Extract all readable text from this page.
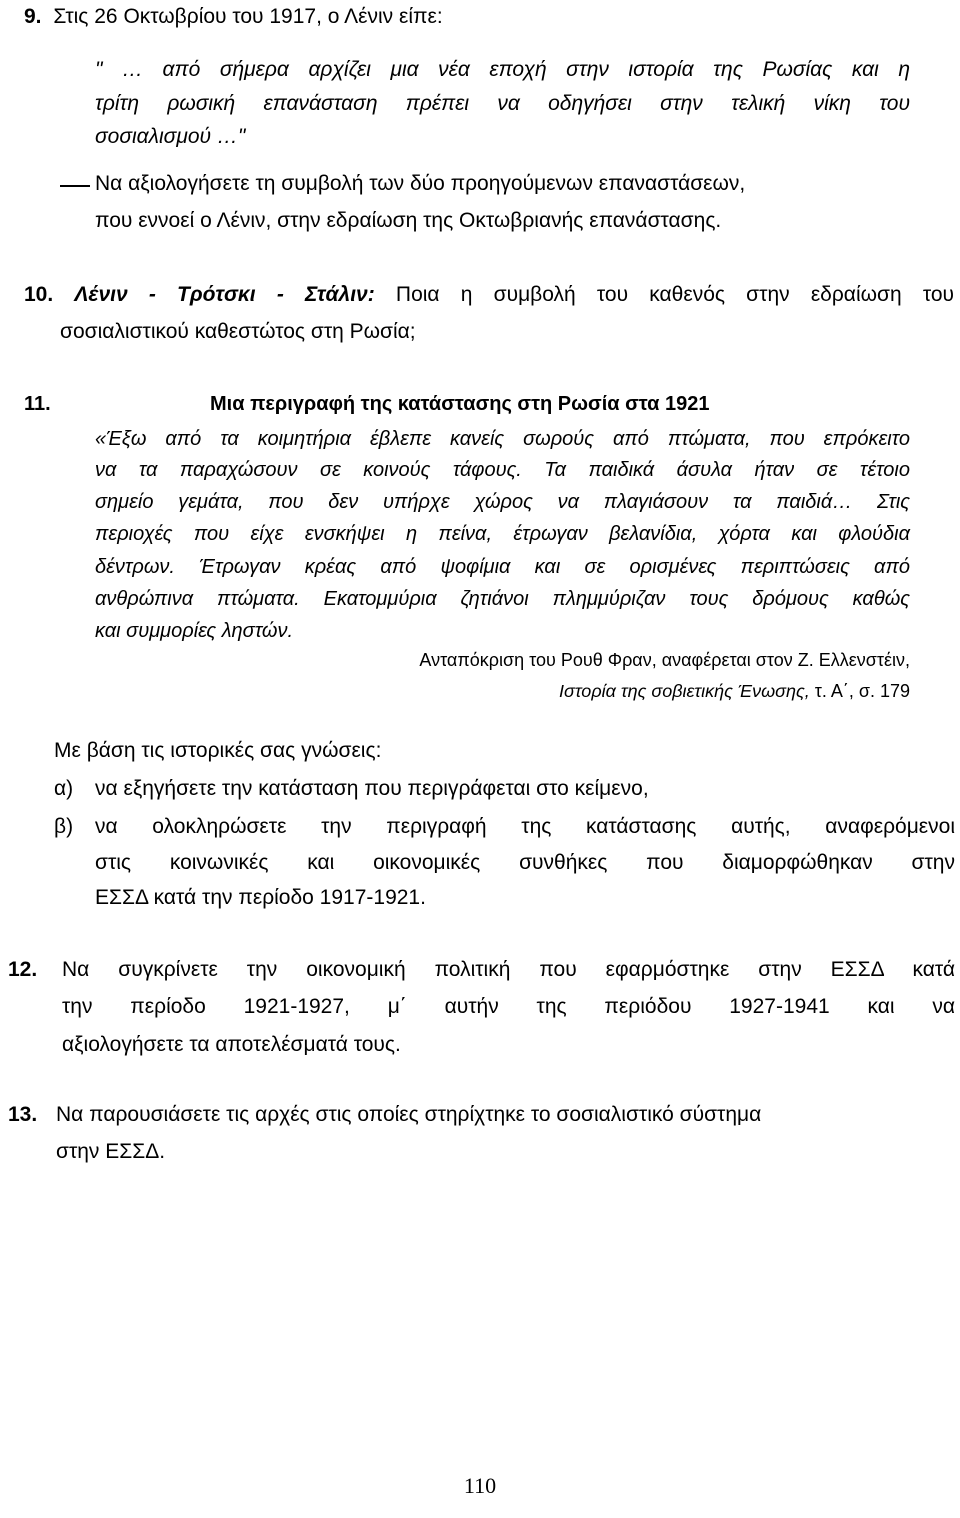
9. Στις 26 Οκτωβρίου του 1917, ο Λένιν είπε:
" … από σήμερα αρχίζει μια νέα εποχή στην ιστορία της Ρωσίας και η
τρίτη ρωσική επανάσταση πρέπει να οδηγήσει στην τελική νίκη του
σοσιαλισμού …"
Να αξιολογήσετε τη συμβολή των δύο προηγούμενων επαναστάσεων,
που εννοεί ο Λένιν, στην εδραίωση της Οκτωβριανής επανάστασης.
10. Λένιν - Τρότσκι - Στάλιν: Ποια η συμβολή του καθενός στην εδραίωση του
σοσιαλιστικού καθεστώτος στη Ρωσία;
11.	Μια περιγραφή της κατάστασης στη Ρωσία στα 1921
«Έξω από τα κοιμητήρια έβλεπε κανείς σωρούς από πτώματα, που επρόκειτο
να τα παραχώσουν σε κοινούς τάφους. Τα παιδικά άσυλα ήταν σε τέτοιο
σημείο γεμάτα, που δεν υπήρχε χώρος να πλαγιάσουν τα παιδιά… Στις
περιοχές που είχε ενσκήψει η πείνα, έτρωγαν βελανίδια, χόρτα και φλούδια
δέντρων. Έτρωγαν κρέας από ψοφίμια και σε ορισμένες περιπτώσεις από
ανθρώπινα πτώματα. Εκατομμύρια ζητιάνοι πλημμύριζαν τους δρόμους καθώς
και συμμορίες ληστών.
Ανταπόκριση του Ρουθ Φραν, αναφέρεται στον Ζ. Ελλενστέιν,
Ιστορία της σοβιετικής Ένωσης, τ. Α΄, σ. 179
Με βάση τις ιστορικές σας γνώσεις:
α) να εξηγήσετε την κατάσταση που περιγράφεται στο κείμενο,
β) να ολοκληρώσετε την περιγραφή της κατάστασης αυτής, αναφερόμενοι
στις κοινωνικές και οικονομικές συνθήκες που διαμορφώθηκαν στην
ΕΣΣΔ κατά την περίοδο 1917-1921.
12. Να συγκρίνετε την οικονομική πολιτική που εφαρμόστηκε στην ΕΣΣΔ κατά
την περίοδο 1921-1927, μ΄ αυτήν της περιόδου 1927-1941 και να
αξιολογήσετε τα αποτελέσματά τους.
13. Να παρουσιάσετε τις αρχές στις οποίες στηρίχτηκε το σοσιαλιστικό σύστημα
στην ΕΣΣΔ.
110
